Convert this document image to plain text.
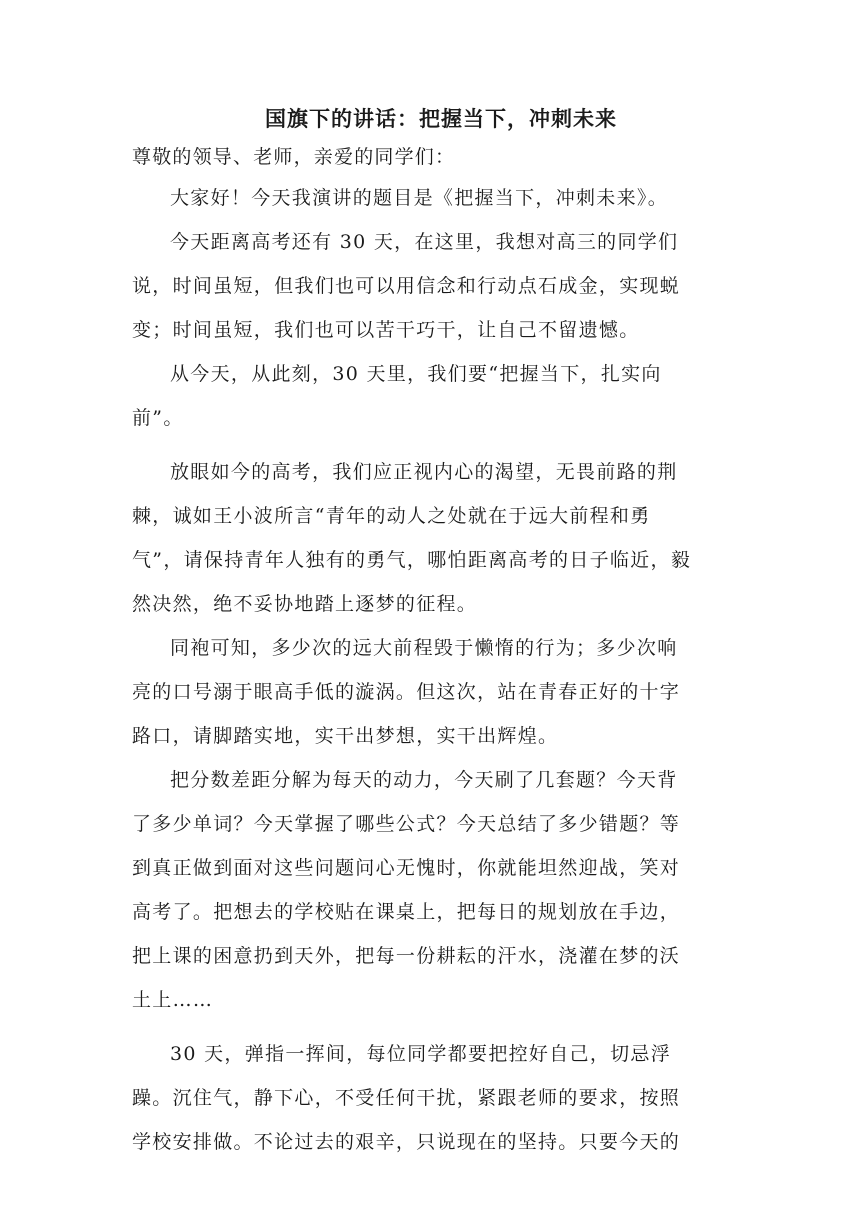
国旗下的讲话：把握当下，冲刺未来

尊敬的领导、老师，亲爱的同学们：

大家好！今天我演讲的题目是《把握当下，冲刺未来》。

今天距离高考还有 30 天，在这里，我想对高三的同学们
说，时间虽短，但我们也可以用信念和行动点石成金，实现蜕
变；时间虽短，我们也可以苦干巧干，让自己不留遗憾。

从今天，从此刻，30 天里，我们要“把握当下，扎实向
前”。

放眼如今的高考，我们应正视内心的渴望，无畏前路的荆
棘，诚如王小波所言“青年的动人之处就在于远大前程和勇
气”，请保持青年人独有的勇气，哪怕距离高考的日子临近，毅
然决然，绝不妥协地踏上逐梦的征程。

同袍可知，多少次的远大前程毁于懒惰的行为；多少次响
亮的口号溺于眼高手低的漩涡。但这次，站在青春正好的十字
路口，请脚踏实地，实干出梦想，实干出辉煌。

把分数差距分解为每天的动力，今天刷了几套题？今天背
了多少单词？今天掌握了哪些公式？今天总结了多少错题？等
到真正做到面对这些问题问心无愧时，你就能坦然迎战，笑对
高考了。把想去的学校贴在课桌上，把每日的规划放在手边，
把上课的困意扔到天外，把每一份耕耘的汗水，浇灌在梦的沃
土上……

30 天，弹指一挥间，每位同学都要把控好自己，切忌浮
躁。沉住气，静下心，不受任何干扰，紧跟老师的要求，按照
学校安排做。不论过去的艰辛，只说现在的坚持。只要今天的
